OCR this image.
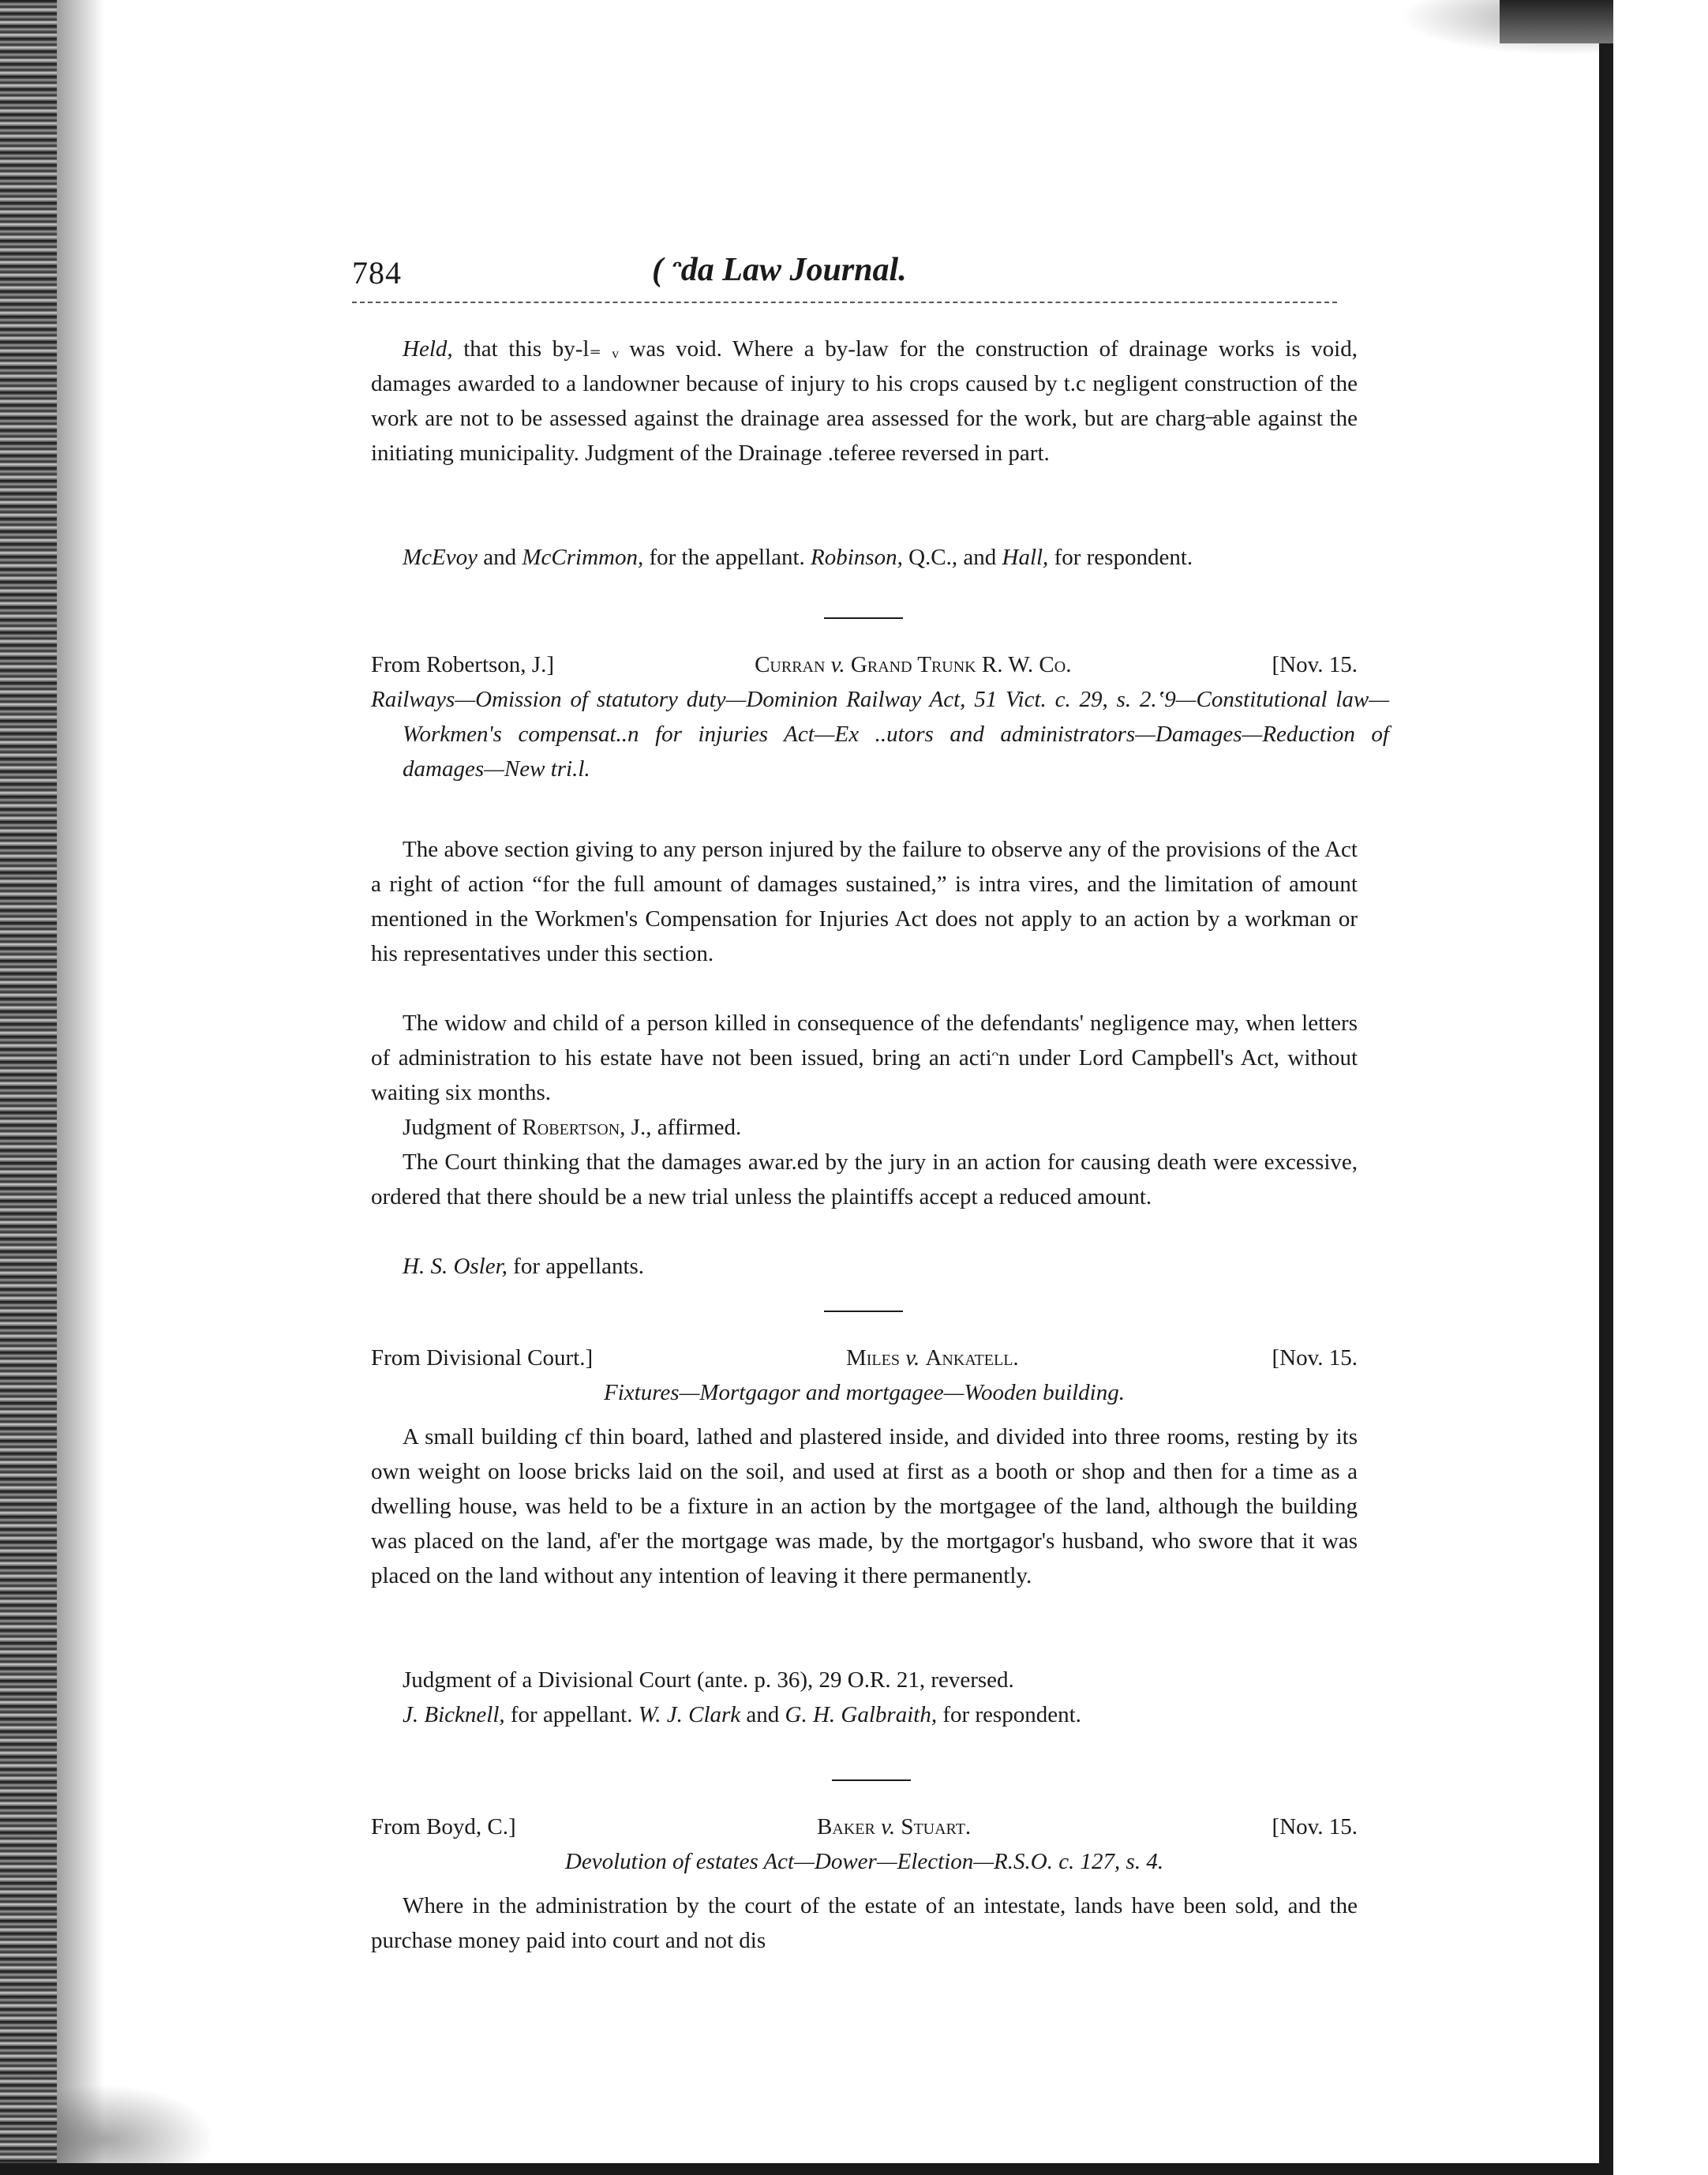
784	( ᵔda Law Journal.
Held, that this by-l₌ ᵥ was void. Where a by-law for the construction of drainage works is void, damages awarded to a landowner because of injury to his crops caused by t.c negligent construction of the work are not to be assessed against the drainage area assessed for the work, but are charg ̶able against the initiating municipality. Judgment of the Drainage .teferee reversed in part.
McEvoy and McCrimmon, for the appellant. Robinson, Q.C., and Hall, for respondent.
From Robertson, J.]	Curran v. Grand Trunk R. W. Co.	[Nov. 15.
Railways—Omission of statutory duty—Dominion Railway Act, 51 Vict. c. 29, s. 2.ʽ9—Constitutional law—Workmen's compensat..n for injuries Act—Ex ..utors and administrators—Damages—Reduction of damages—New tri.l.
The above section giving to any person injured by the failure to observe any of the provisions of the Act a right of action “for the full amount of damages sustained,” is intra vires, and the limitation of amount mentioned in the Workmen's Compensation for Injuries Act does not apply to an action by a workman or his representatives under this section.
The widow and child of a person killed in consequence of the defendants' negligence may, when letters of administration to his estate have not been issued, bring an actiᵔn under Lord Campbell's Act, without waiting six months.
Judgment of Robertson, J., affirmed.
The Court thinking that the damages awar.ed by the jury in an action for causing death were excessive, ordered that there should be a new trial unless the plaintiffs accept a reduced amount.
H. S. Osler, for appellants.
From Divisional Court.]	Miles v. Ankatell.	[Nov. 15.
Fixtures—Mortgagor and mortgagee—Wooden building.
A small building cf thin board, lathed and plastered inside, and divided into three rooms, resting by its own weight on loose bricks laid on the soil, and used at first as a booth or shop and then for a time as a dwelling house, was held to be a fixture in an action by the mortgagee of the land, although the building was placed on the land, af'er the mortgage was made, by the mortgagor's husband, who swore that it was placed on the land without any intention of leaving it there permanently.
Judgment of a Divisional Court (ante. p. 36), 29 O.R. 21, reversed.
J. Bicknell, for appellant. W. J. Clark and G. H. Galbraith, for respondent.
From Boyd, C.]	Baker v. Stuart.	[Nov. 15.
Devolution of estates Act—Dower—Election—R.S.O. c. 127, s. 4.
Where in the administration by the court of the estate of an intestate, lands have been sold, and the purchase money paid into court and not dis
